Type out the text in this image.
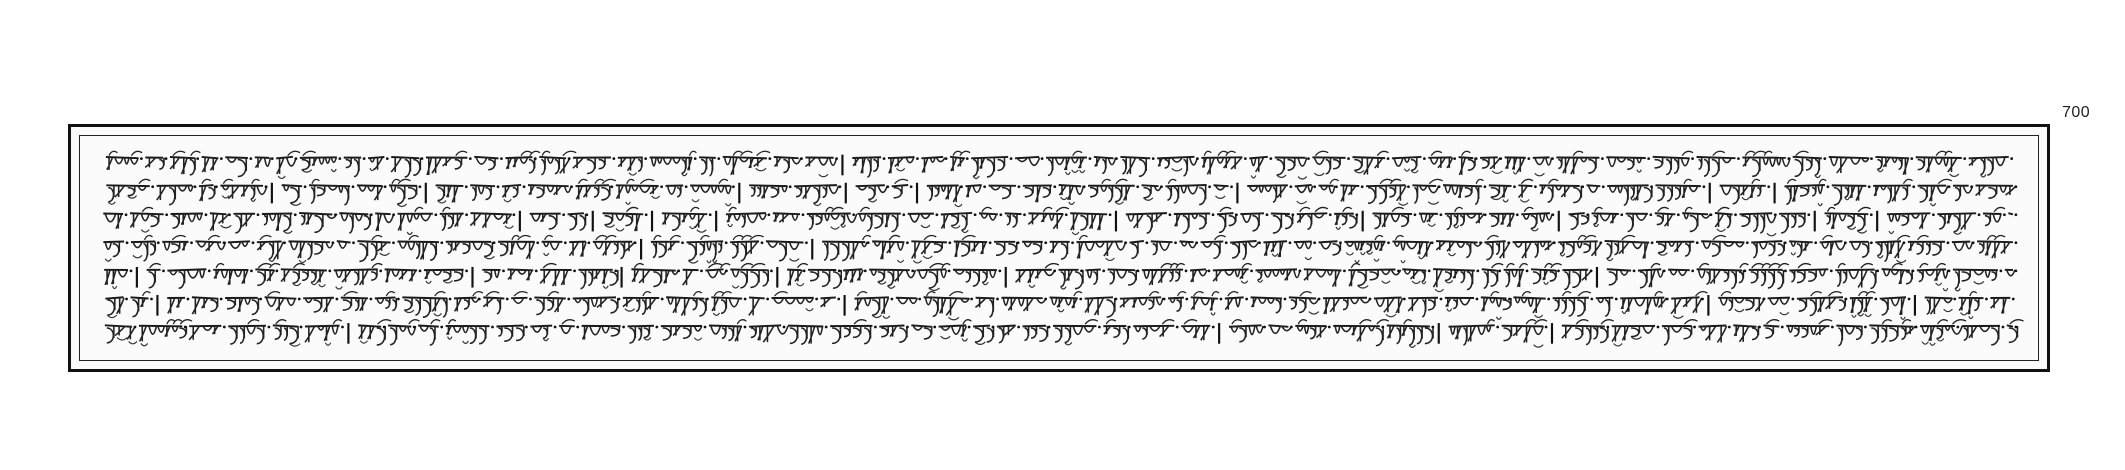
700
